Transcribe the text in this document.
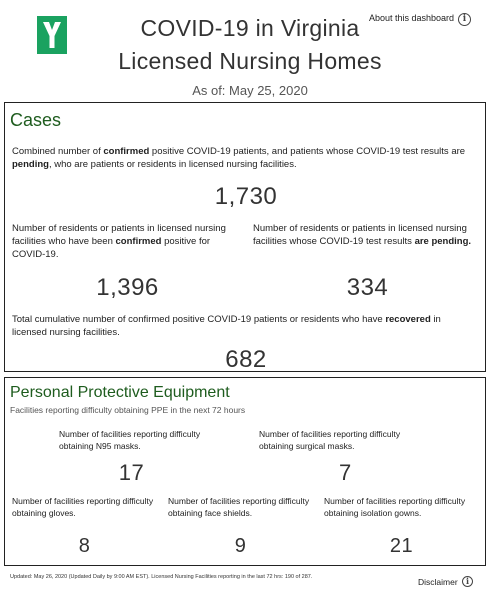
COVID-19 in Virginia
Licensed Nursing Homes
As of: May 25, 2020
About this dashboard i
Cases
Combined number of confirmed positive COVID-19 patients, and patients whose COVID-19 test results are pending, who are patients or residents in licensed nursing facilities.
1,730
Number of residents or patients in licensed nursing facilities who have been confirmed positive for COVID-19.
1,396
Number of residents or patients in licensed nursing facilities whose COVID-19 test results are pending.
334
Total cumulative number of confirmed positive COVID-19 patients or residents who have recovered in licensed nursing facilities.
682
Personal Protective Equipment
Facilities reporting difficulty obtaining PPE in the next 72 hours
Number of facilities reporting difficulty obtaining N95 masks.
17
Number of facilities reporting difficulty obtaining surgical masks.
7
Number of facilities reporting difficulty obtaining gloves.
8
Number of facilities reporting difficulty obtaining face shields.
9
Number of facilities reporting difficulty obtaining isolation gowns.
21
Updated: May 26, 2020 (Updated Daily by 9:00 AM EST). Licensed Nursing Facilities reporting in the last 72 hrs: 190 of 287.	Disclaimer	i
